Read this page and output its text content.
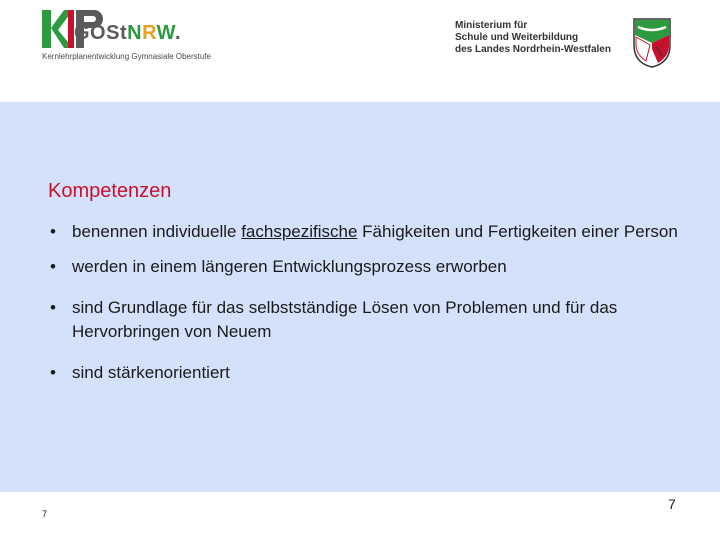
GOStNRW.
Kernlehrplanentwicklung Gymnasiale Oberstufe
Ministerium für
Schule und Weiterbildung
des Landes Nordrhein-Westfalen
Kompetenzen
• benennen individuelle fachspezifische Fähigkeiten und Fertigkeiten einer Person
• werden in einem längeren Entwicklungsprozess erworben
• sind Grundlage für das selbstständige Lösen von Problemen und für das Hervorbringen von Neuem
• sind stärkenorientiert
7
7
